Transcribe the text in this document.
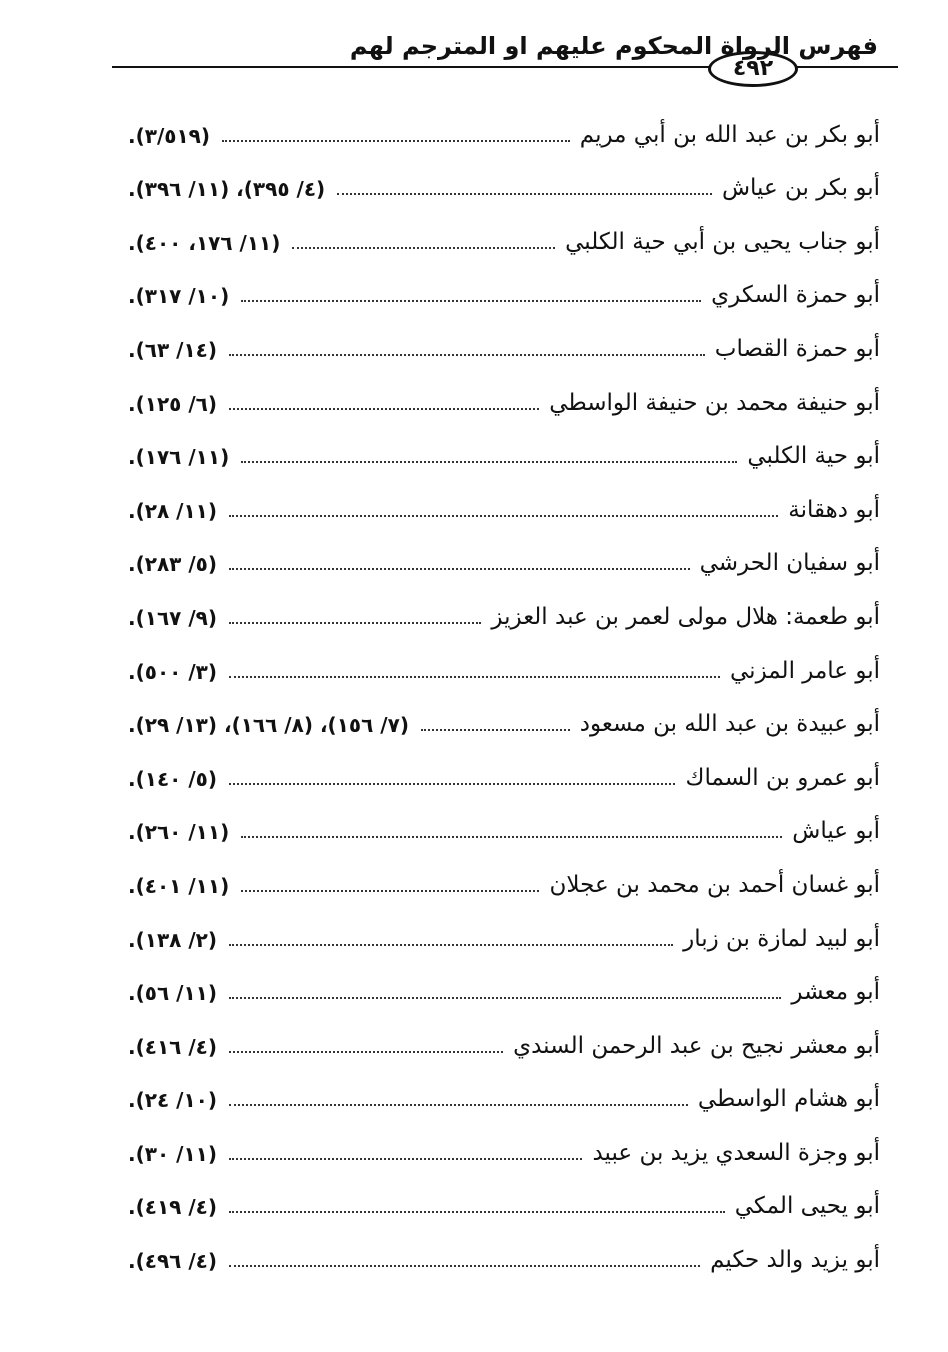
٤٩٢
فهرس الرواة المحكوم عليهم او المترجم لهم
أبو بكر بن عبد الله بن أبي مريم
(٣/٥١٩).
أبو بكر بن عياش
(٤/ ٣٩٥)، (١١/ ٣٩٦).
أبو جناب يحيى بن أبي حية الكلبي
(١١/ ١٧٦، ٤٠٠).
أبو حمزة السكري
(١٠/ ٣١٧).
أبو حمزة القصاب
(١٤/ ٦٣).
أبو حنيفة محمد بن حنيفة الواسطي
(٦/ ١٢٥).
أبو حية الكلبي
(١١/ ١٧٦).
أبو دهقانة
(١١/ ٢٨).
أبو سفيان الحرشي
(٥/ ٢٨٣).
أبو طعمة: هلال مولى لعمر بن عبد العزيز
(٩/ ١٦٧).
أبو عامر المزني
(٣/ ٥٠٠).
أبو عبيدة بن عبد الله بن مسعود
(٧/ ١٥٦)، (٨/ ١٦٦)، (١٣/ ٢٩).
أبو عمرو بن السماك
(٥/ ١٤٠).
أبو عياش
(١١/ ٢٦٠).
أبو غسان أحمد بن محمد بن عجلان
(١١/ ٤٠١).
أبو لبيد لمازة بن زبار
(٢/ ١٣٨).
أبو معشر
(١١/ ٥٦).
أبو معشر نجيح بن عبد الرحمن السندي
(٤/ ٤١٦).
أبو هشام الواسطي
(١٠/ ٢٤).
أبو وجزة السعدي يزيد بن عبيد
(١١/ ٣٠).
أبو يحيى المكي
(٤/ ٤١٩).
أبو يزيد والد حكيم
(٤/ ٤٩٦).
